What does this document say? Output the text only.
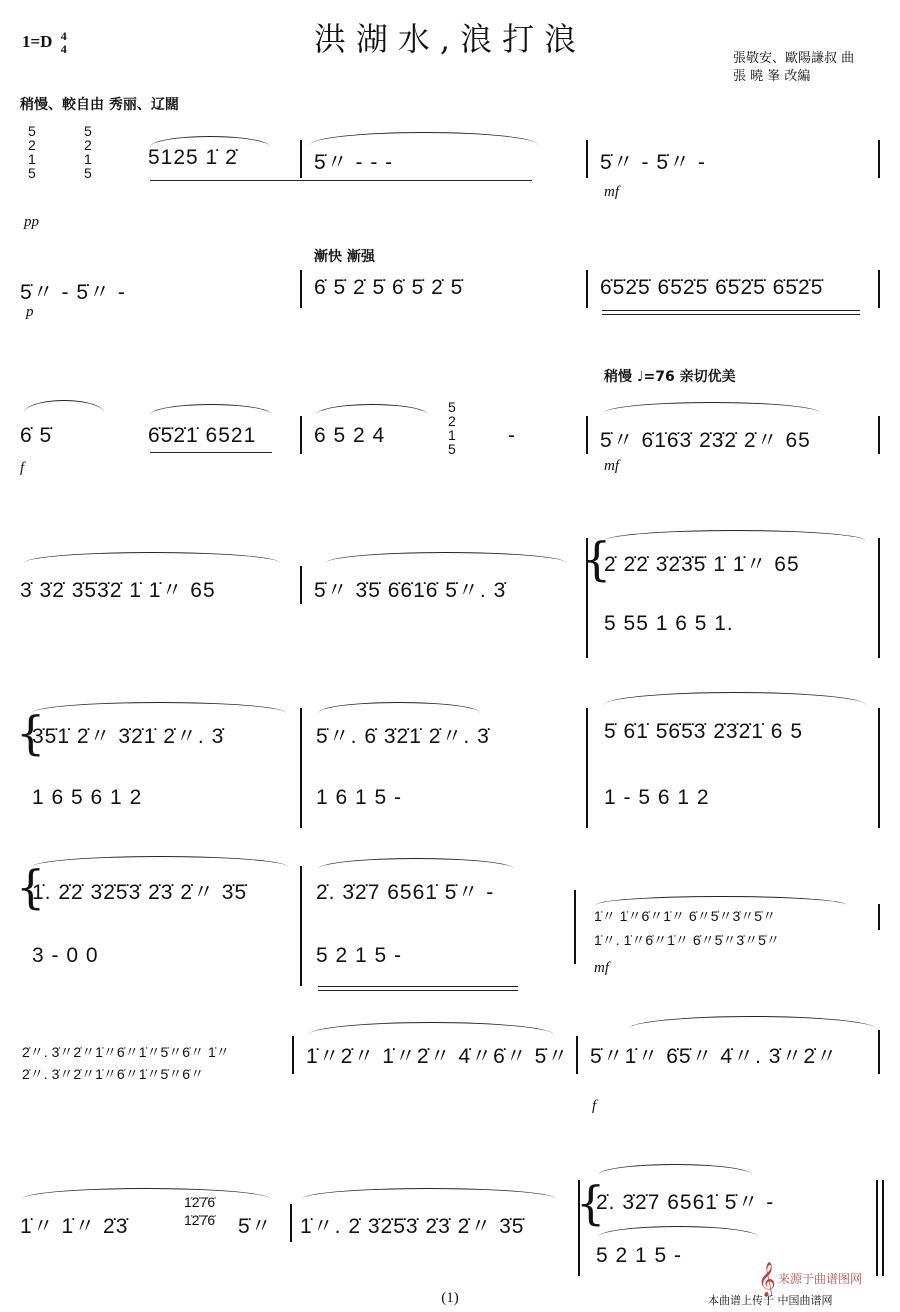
1=D 4
4	洪湖水,浪打浪
張敬安、歐陽謙叔 曲
張 曉 峯 改編
稍慢、較自由 秀丽、辽闊
漸快 漸强
稍慢 ♩=76 亲切优美
pp
mf
p
f	mf
mf
f
5
2
1
5
5
2
1
5
5125 1̇ 2̇	5̇〃 - - -	5̇〃 - 5̇〃 -
5̇〃 - 5̇〃 -	6̇ 5̇ 2̇ 5̇ 6̇ 5̇ 2̇ 5̇	6̇5̇2̇5̇ 6̇5̇2̇5̇ 6̇5̇2̇5̇ 6̇5̇2̇5̇
6̇ 5̇	6̇5̇2̇1̇ 6521	6 5 2 4
5
2
1
5
-	5̇〃 6̇1̇6̇3̇ 2̇3̇2̇ 2̇〃 65
3̇ 3̇2̇ 3̇5̇3̇2̇ 1̇ 1̇〃 65	5̇〃 3̇5̇ 6̇6̇1̇6̇ 5̇〃. 3̇
{
2̇ 2̇2̇ 3̇2̇3̇5̇ 1̇ 1̇〃 65
5 55 1 6 5 1.
{
3̇5̇1̇ 2̇〃 3̇2̇1̇ 2̇〃. 3̇
1 6 5 6 1 2
5̇〃. 6̇ 3̇2̇1̇ 2̇〃. 3̇
1 6 1 5 -
5̇ 6̇1̇ 5̇6̇5̇3̇ 2̇3̇2̇1̇ 6 5
1 - 5 6 1 2
{
1̇. 2̇2̇ 3̇2̇5̇3̇ 2̇3̇ 2̇〃 3̇5̇
3 - 0 0
2̇. 3̇2̇7 6561̇ 5̇〃 -
5 2 1 5 -
1̇〃 1̇〃6̇〃1̇〃 6̇〃5̇〃3̇〃5̇〃
1̇〃. 1̇〃6̇〃1̇〃 6̇〃5̇〃3̇〃5̇〃
2̇〃. 3̇〃2̇〃1̇〃6̇〃1̇〃5̇〃6̇〃 1̇〃
2̇〃. 3̇〃2̇〃1̇〃6̇〃1̇〃5̇〃6̇〃
1̇〃2̇〃 1̇〃2̇〃 4̇〃6̇〃 5̇〃 5̇〃1̇〃 6̇5̇〃 4̇〃. 3̇〃2̇〃
1̇〃 1̇〃 2̇3̇
1̇2̇7̇6̇
1̇2̇7̇6̇ 5̇〃 1̇〃. 2̇ 3̇2̇5̇3̇ 2̇3̇ 2̇〃 3̇5̇ {
2̇. 3̇2̇7 6561̇ 5̇〃 -
5 2 1 5 -
𝄞 来源于曲谱图网
(1)	本曲谱上传于 中国曲谱网
